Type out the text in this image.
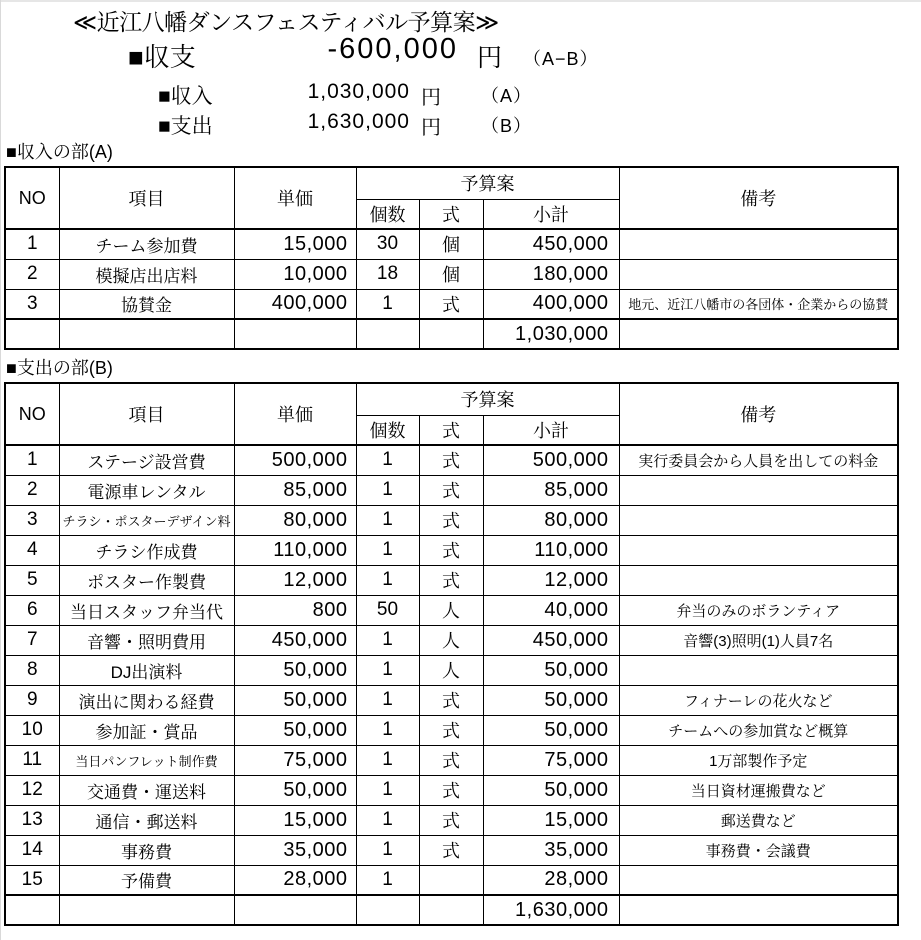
≪近江八幡ダンスフェスティバル予算案≫
■収支	-600,000 円 （A−B）
■収入	1,030,000 円 （A）
■支出	1,630,000 円 （B）
■収入の部(A)
NO	項目	単価	予算案			備考
			個数	式	小計	
1	チーム参加費	15,000	30	個	450,000	
2	模擬店出店料	10,000	18	個	180,000	
3	協賛金	400,000	1	式	400,000	地元、近江八幡市の各団体・企業からの協賛
					1,030,000	
■支出の部(B)
NO	項目	単価	予算案			備考
			個数	式	小計	
1	ステージ設営費	500,000	1	式	500,000	実行委員会から人員を出しての料金
2	電源車レンタル	85,000	1	式	85,000	
3	チラシ・ポスターデザイン料	80,000	1	式	80,000	
4	チラシ作成費	110,000	1	式	110,000	
5	ポスター作製費	12,000	1	式	12,000	
6	当日スタッフ弁当代	800	50	人	40,000	弁当のみのボランティア
7	音響・照明費用	450,000	1	人	450,000	音響(3)照明(1)人員7名
8	DJ出演料	50,000	1	人	50,000	
9	演出に関わる経費	50,000	1	式	50,000	フィナーレの花火など
10	参加証・賞品	50,000	1	式	50,000	チームへの参加賞など概算
11	当日パンフレット制作費	75,000	1	式	75,000	1万部製作予定
12	交通費・運送料	50,000	1	式	50,000	当日資材運搬費など
13	通信・郵送料	15,000	1	式	15,000	郵送費など
14	事務費	35,000	1	式	35,000	事務費・会議費
15	予備費	28,000	1		28,000	
					1,630,000	
